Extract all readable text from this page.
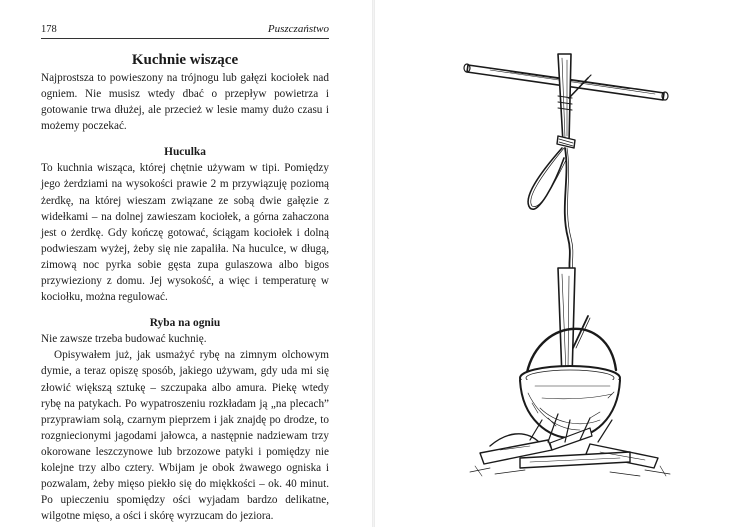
178	Puszczaństwo
Kuchnie wiszące

Najprostsza to powieszony na trójnogu lub gałęzi kociołek nad ogniem. Nie musisz wtedy dbać o przepływ powietrza i gotowanie trwa dłużej, ale przecież w lesie mamy dużo czasu i możemy poczekać.

Huculka

To kuchnia wisząca, której chętnie używam w tipi. Pomiędzy jego żerdziami na wysokości prawie 2 m przywiązuję poziomą żerdkę, na której wieszam związane ze sobą dwie gałęzie z widełkami – na dolnej zawieszam kociołek, a górna zahaczona jest o żerdkę. Gdy kończę gotować, ściągam kociołek i dolną podwieszam wyżej, żeby się nie zapaliła. Na huculce, w długą, zimową noc pyrka sobie gęsta zupa gulaszowa albo bigos przywieziony z domu. Jej wysokość, a więc i temperaturę w kociołku, można regulować.

Ryba na ogniu

Nie zawsze trzeba budować kuchnię.

Opisywałem już, jak usmażyć rybę na zimnym olchowym dymie, a teraz opiszę sposób, jakiego używam, gdy uda mi się złowić większą sztukę – szczupaka albo amura. Piekę wtedy rybę na patykach. Po wypatroszeniu rozkładam ją „na plecach” przyprawiam solą, czarnym pieprzem i jak znajdę po drodze, to rozgniecionymi jagodami jałowca, a następnie nadziewam trzy okorowane leszczynowe lub brzozowe patyki i pomiędzy nie kolejne trzy albo cztery. Wbijam je obok żwawego ogniska i pozwalam, żeby mięso piekło się do miękkości – ok. 40 minut. Po upieczeniu spomiędzy ości wyjadam bardzo delikatne, wilgotne mięso, a ości i skórę wyrzucam do jeziora.
